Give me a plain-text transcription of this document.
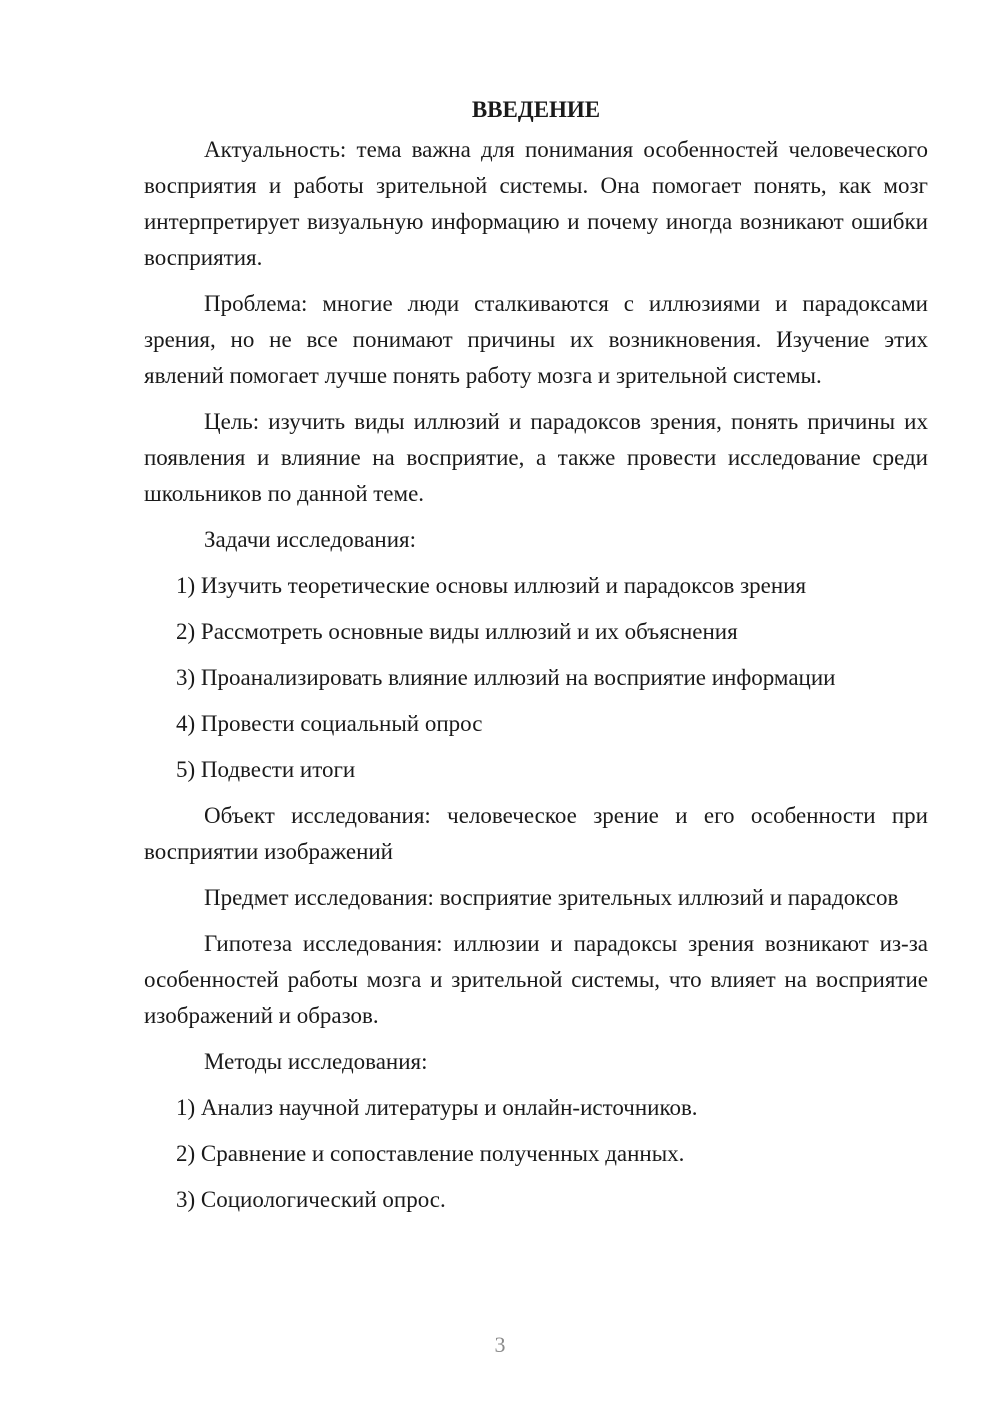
ВВЕДЕНИЕ

Актуальность: тема важна для понимания особенностей человеческого восприятия и работы зрительной системы. Она помогает понять, как мозг интерпретирует визуальную информацию и почему иногда возникают ошибки восприятия.

Проблема: многие люди сталкиваются с иллюзиями и парадоксами зрения, но не все понимают причины их возникновения. Изучение этих явлений помогает лучше понять работу мозга и зрительной системы.

Цель: изучить виды иллюзий и парадоксов зрения, понять причины их появления и влияние на восприятие, а также провести исследование среди школьников по данной теме.

Задачи исследования:

1) Изучить теоретические основы иллюзий и парадоксов зрения
2) Рассмотреть основные виды иллюзий и их объяснения
3) Проанализировать влияние иллюзий на восприятие информации
4) Провести социальный опрос
5) Подвести итоги

Объект исследования: человеческое зрение и его особенности при восприятии изображений

Предмет исследования: восприятие зрительных иллюзий и парадоксов

Гипотеза исследования: иллюзии и парадоксы зрения возникают из-за особенностей работы мозга и зрительной системы, что влияет на восприятие изображений и образов.

Методы исследования:

1) Анализ научной литературы и онлайн-источников.
2) Сравнение и сопоставление полученных данных.
3) Социологический опрос.
3
